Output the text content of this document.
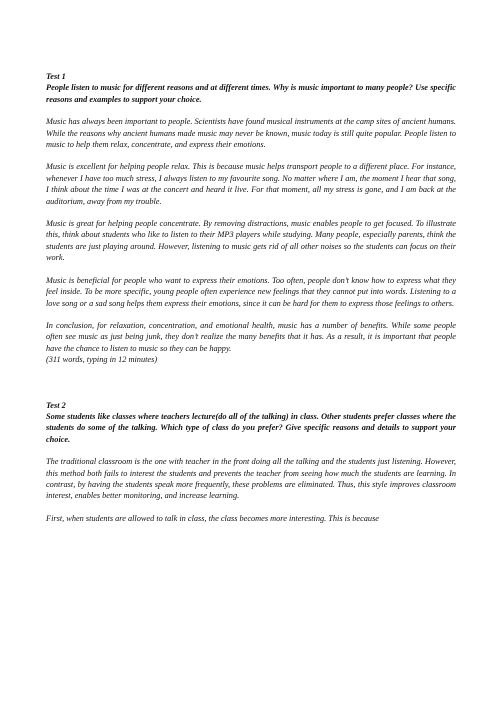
Test 1
People listen to music for different reasons and at different times. Why is music important to many people? Use specific reasons and examples to support your choice.

Music has always been important to people. Scientists have found musical instruments at the camp sites of ancient humans. While the reasons why ancient humans made music may never be known, music today is still quite popular. People listen to music to help them relax, concentrate, and express their emotions.

Music is excellent for helping people relax. This is because music helps transport people to a different place. For instance, whenever I have too much stress, I always listen to my favourite song. No matter where I am, the moment I hear that song, I think about the time I was at the concert and heard it live. For that moment, all my stress is gone, and I am back at the auditorium, away from my trouble.

Music is great for helping people concentrate. By removing distractions, music enables people to get focused. To illustrate this, think about students who like to listen to their MP3 players while studying. Many people, especially parents, think the students are just playing around. However, listening to music gets rid of all other noises so the students can focus on their work.

Music is beneficial for people who want to express their emotions. Too often, people don’t know how to express what they feel inside. To be more specific, young people often experience new feelings that they cannot put into words. Listening to a love song or a sad song helps them express their emotions, since it can be hard for them to express those feelings to others.

In conclusion, for relaxation, concentration, and emotional health, music has a number of benefits. While some people often see music as just being junk, they don’t realize the many benefits that it has. As a result, it is important that people have the chance to listen to music so they can be happy.

(311 words, typing in 12 minutes)

Test 2
Some students like classes where teachers lecture(do all of the talking) in class. Other students prefer classes where the students do some of the talking. Which type of class do you prefer? Give specific reasons and details to support your choice.

The traditional classroom is the one with teacher in the front doing all the talking and the students just listening. However, this method both fails to interest the students and prevents the teacher from seeing how much the students are learning. In contrast, by having the students speak more frequently, these problems are eliminated. Thus, this style improves classroom interest, enables better monitoring, and increase learning.

First, when students are allowed to talk in class, the class becomes more interesting. This is because
